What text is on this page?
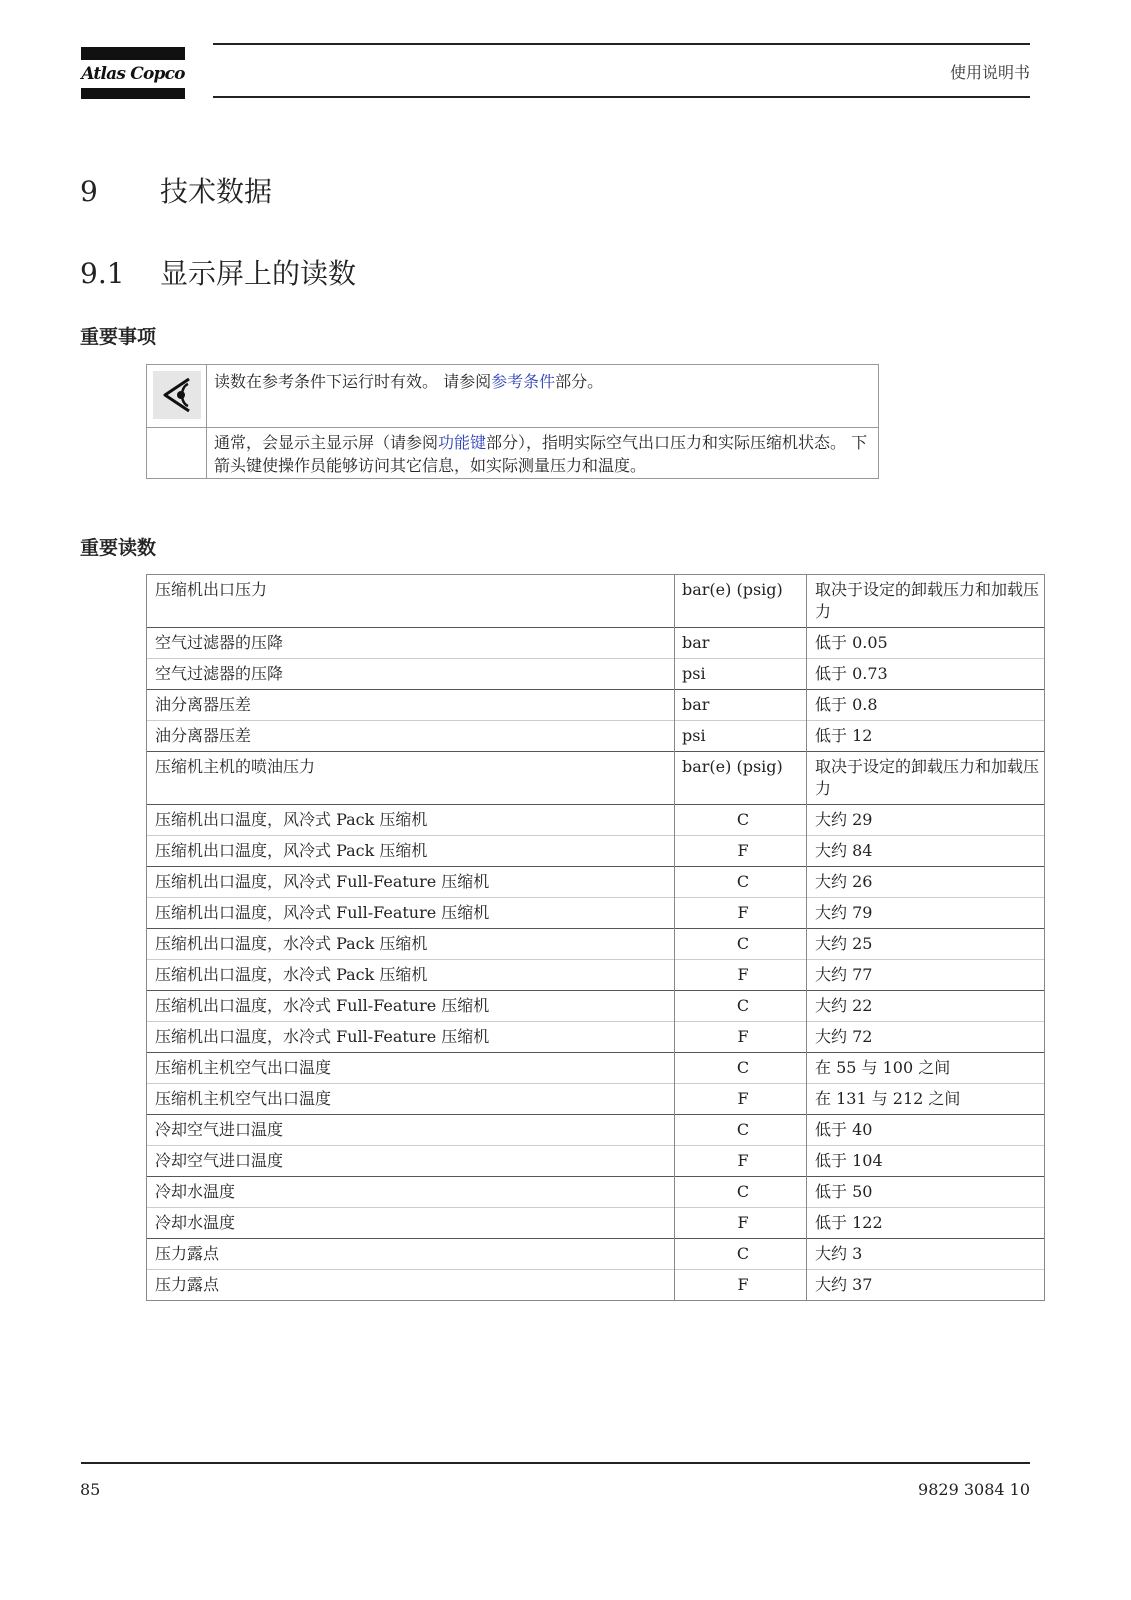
Atlas Copco	使用说明书
9 技术数据
9.1 显示屏上的读数
重要事项
读数在参考条件下运行时有效。 请参阅参考条件部分。
通常，会显示主显示屏（请参阅功能键部分），指明实际空气出口压力和实际压缩机状态。 下箭头键使操作员能够访问其它信息，如实际测量压力和温度。
重要读数
压缩机出口压力	bar(e) (psig)	取决于设定的卸载压力和加载压力
空气过滤器的压降	bar	低于 0.05
空气过滤器的压降	psi	低于 0.73
油分离器压差	bar	低于 0.8
油分离器压差	psi	低于 12
压缩机主机的喷油压力	bar(e) (psig)	取决于设定的卸载压力和加载压力
压缩机出口温度，风冷式 Pack 压缩机	C	大约 29
压缩机出口温度，风冷式 Pack 压缩机	F	大约 84
压缩机出口温度，风冷式 Full-Feature 压缩机	C	大约 26
压缩机出口温度，风冷式 Full-Feature 压缩机	F	大约 79
压缩机出口温度，水冷式 Pack 压缩机	C	大约 25
压缩机出口温度，水冷式 Pack 压缩机	F	大约 77
压缩机出口温度，水冷式 Full-Feature 压缩机	C	大约 22
压缩机出口温度，水冷式 Full-Feature 压缩机	F	大约 72
压缩机主机空气出口温度	C	在 55 与 100 之间
压缩机主机空气出口温度	F	在 131 与 212 之间
冷却空气进口温度	C	低于 40
冷却空气进口温度	F	低于 104
冷却水温度	C	低于 50
冷却水温度	F	低于 122
压力露点	C	大约 3
压力露点	F	大约 37
85	9829 3084 10
